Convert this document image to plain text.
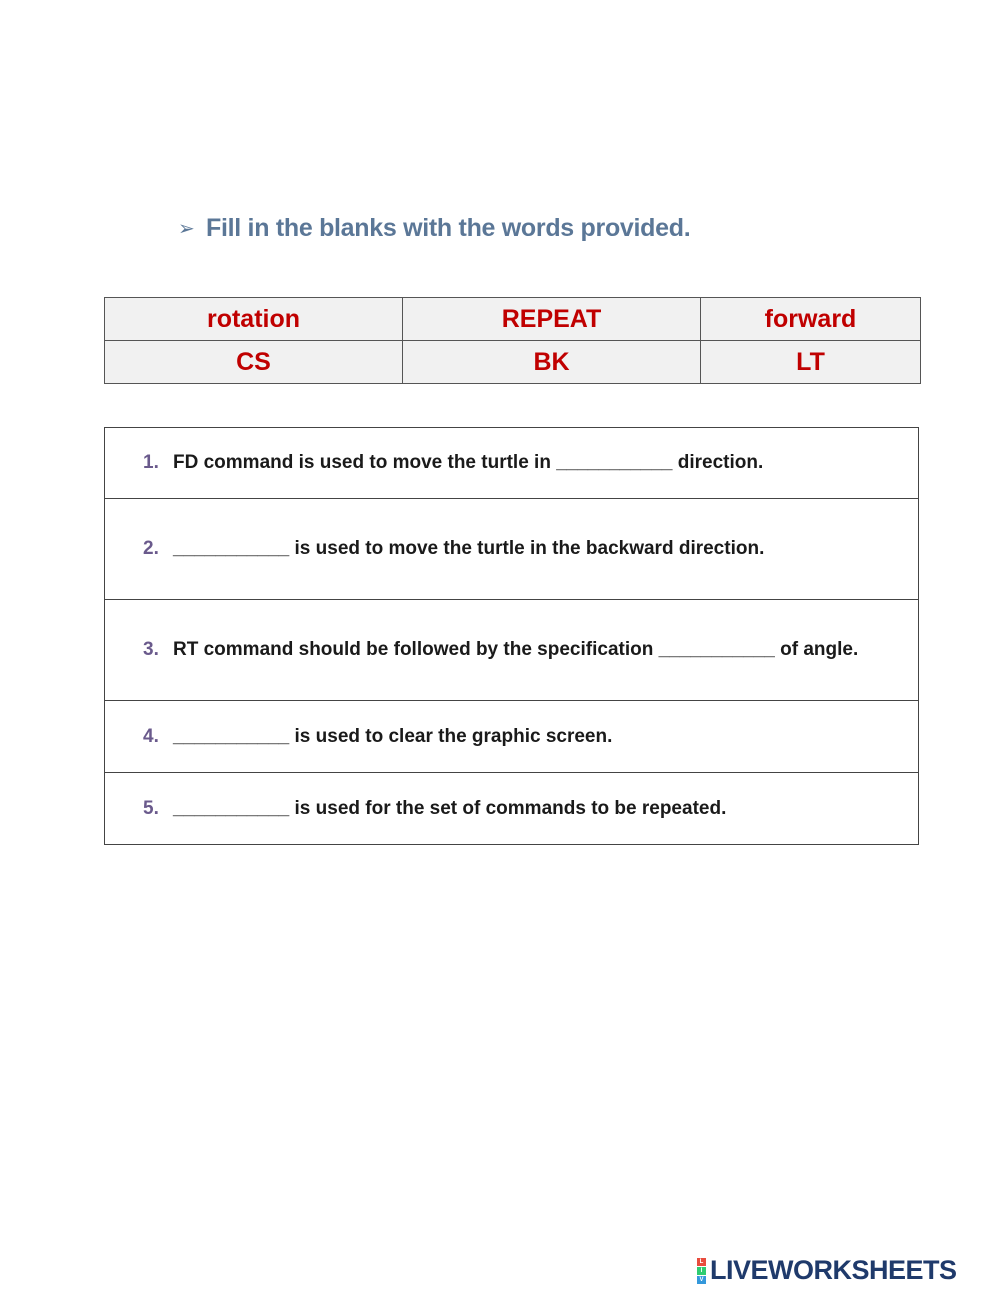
➢ Fill in the blanks with the words provided.
rotation	REPEAT	forward
CS	BK	LT
1. FD command is used to move the turtle in ___________ direction.
2. ___________ is used to move the turtle in the backward direction.
3. RT command should be followed by the specification ___________ of angle.
4. ___________ is used to clear the graphic screen.
5. ___________ is used for the set of commands to be repeated.
L
I
V LIVEWORKSHEETS
